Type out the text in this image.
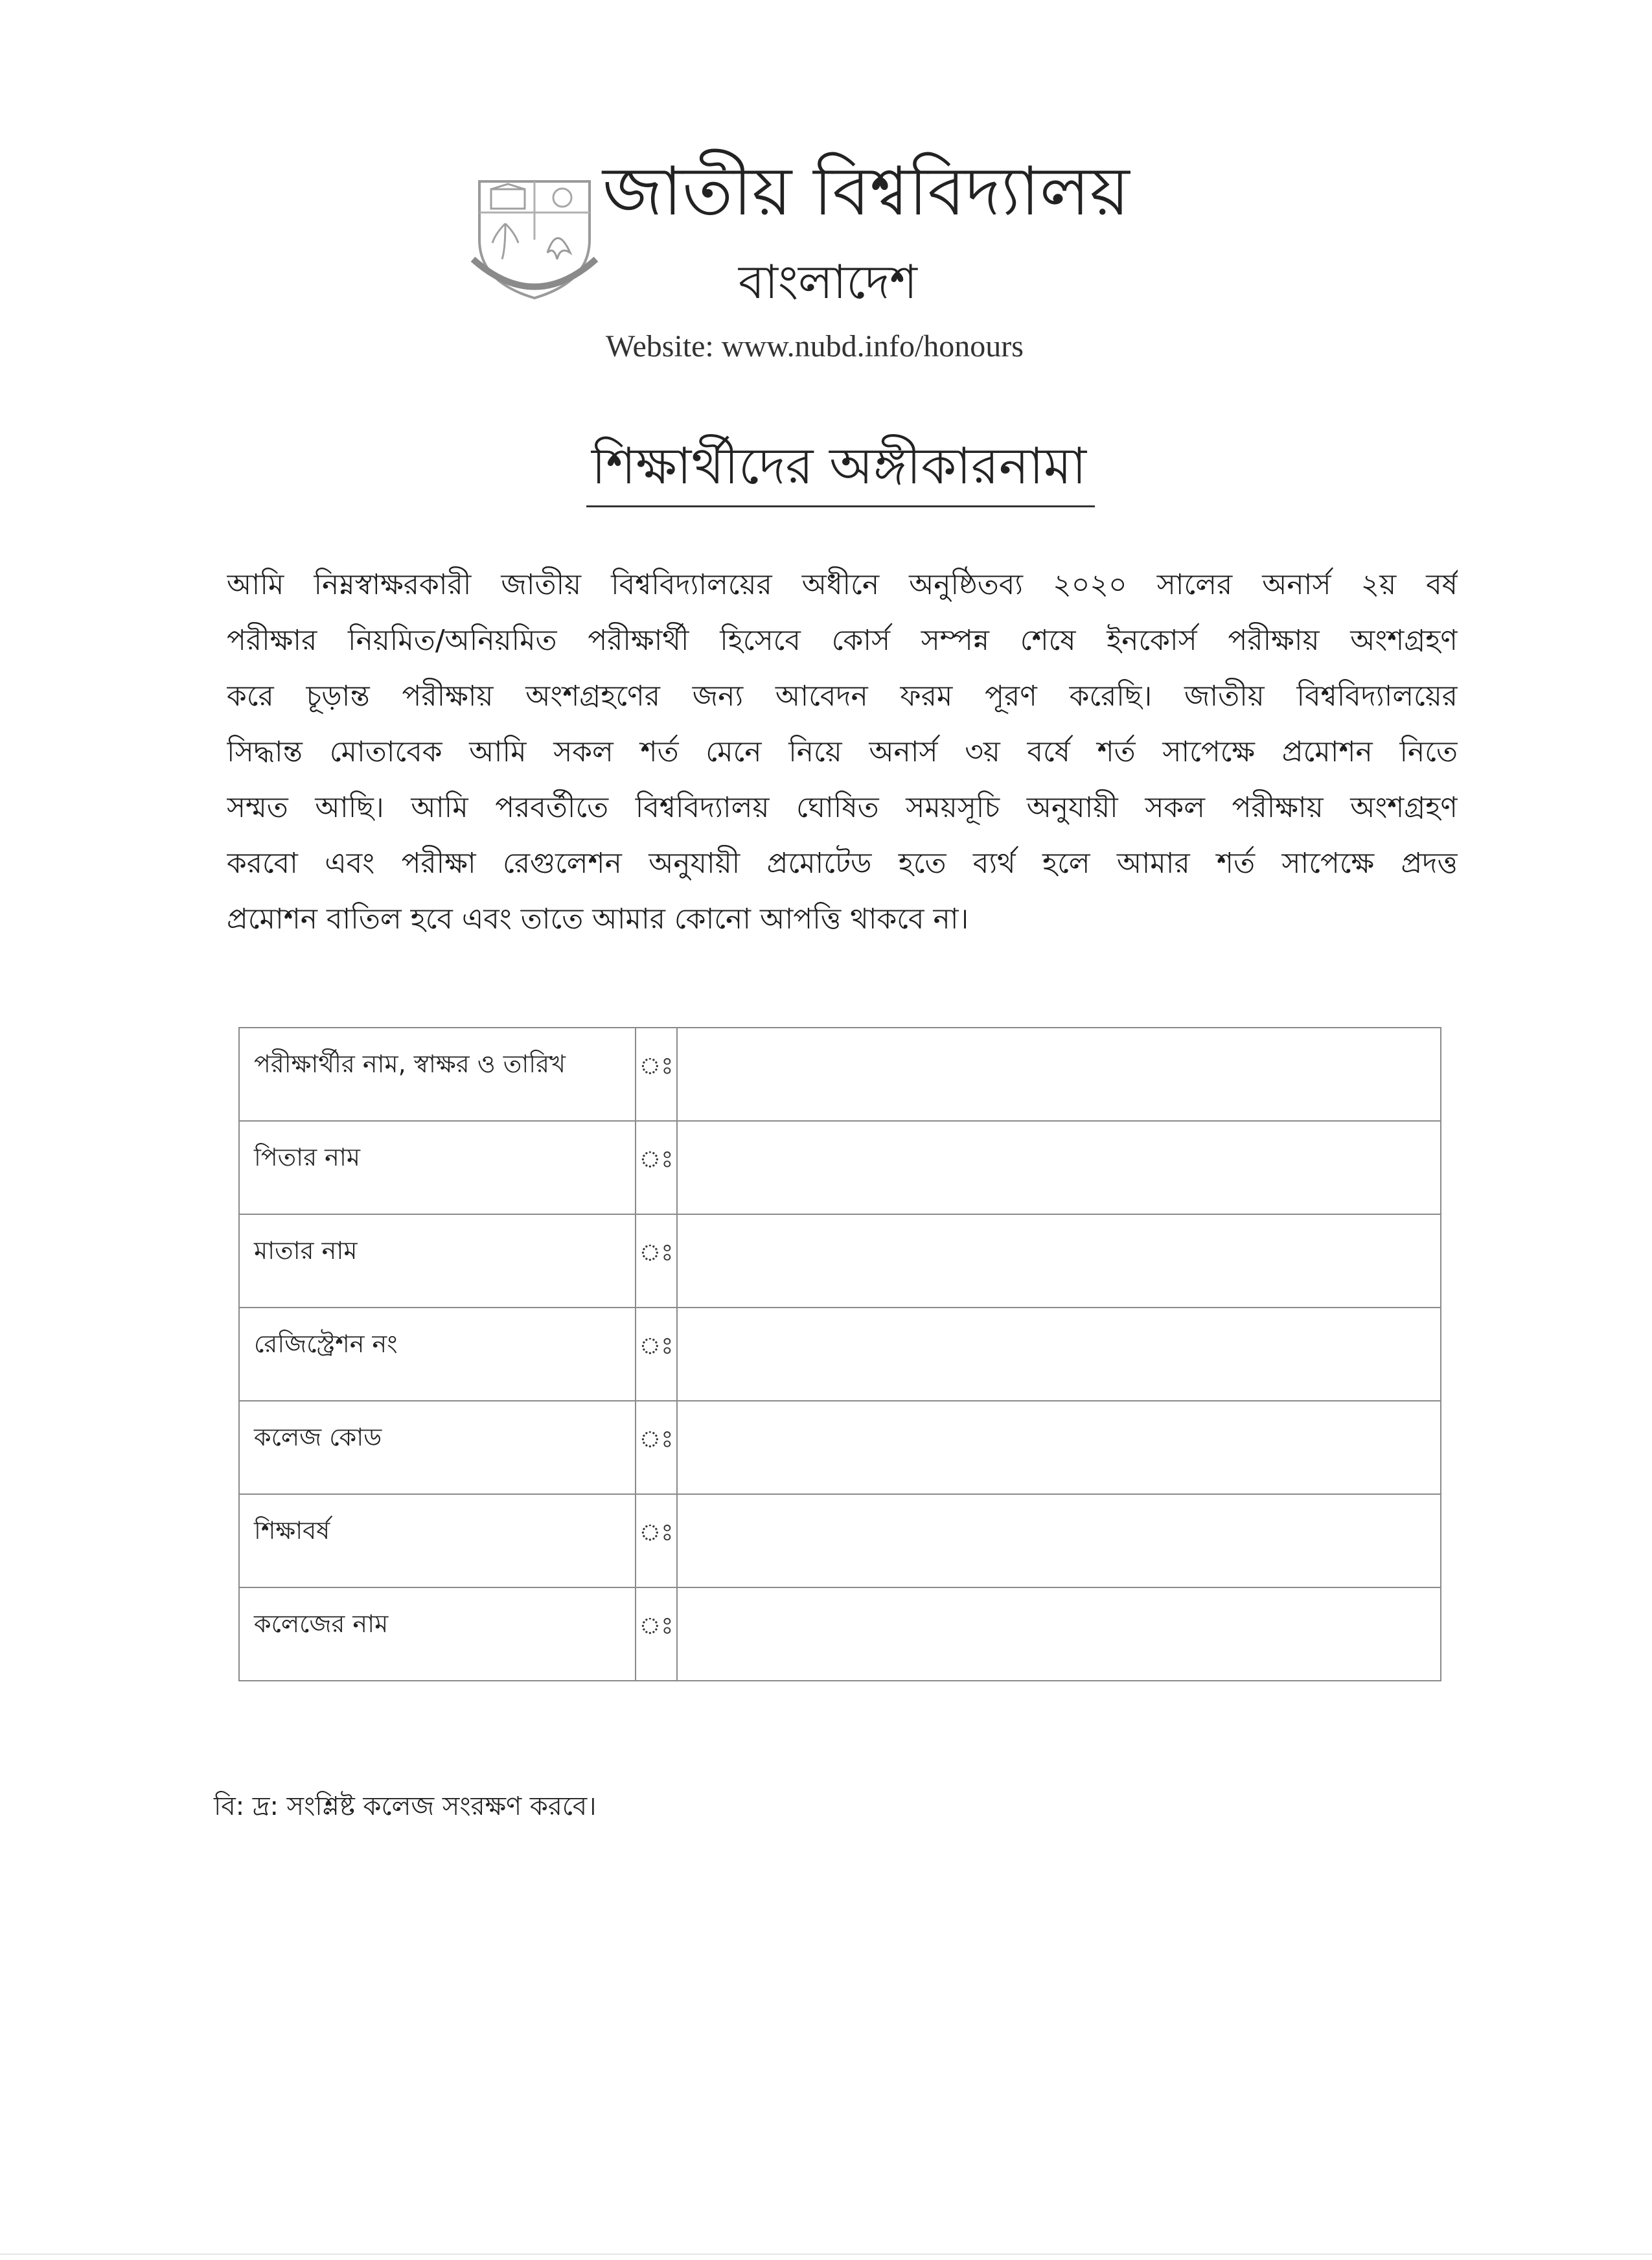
জাতীয় বিশ্ববিদ্যালয়
বাংলাদেশ
Website: www.nubd.info/honours
শিক্ষার্থীদের অঙ্গীকারনামা
আমি নিম্নস্বাক্ষরকারী জাতীয় বিশ্ববিদ্যালয়ের অধীনে অনুষ্ঠিতব্য ২০২০ সালের অনার্স ২য় বর্ষ
পরীক্ষার নিয়মিত/অনিয়মিত পরীক্ষার্থী হিসেবে কোর্স সম্পন্ন শেষে ইনকোর্স পরীক্ষায় অংশগ্রহণ
করে চূড়ান্ত পরীক্ষায় অংশগ্রহণের জন্য আবেদন ফরম পূরণ করেছি। জাতীয় বিশ্ববিদ্যালয়ের
সিদ্ধান্ত মোতাবেক আমি সকল শর্ত মেনে নিয়ে অনার্স ৩য় বর্ষে শর্ত সাপেক্ষে প্রমোশন নিতে
সম্মত আছি। আমি পরবর্তীতে বিশ্ববিদ্যালয় ঘোষিত সময়সূচি অনুযায়ী সকল পরীক্ষায় অংশগ্রহণ
করবো এবং পরীক্ষা রেগুলেশন অনুযায়ী প্রমোটেড হতে ব্যর্থ হলে আমার শর্ত সাপেক্ষে প্রদত্ত
প্রমোশন বাতিল হবে এবং তাতে আমার কোনো আপত্তি থাকবে না।
পরীক্ষার্থীর নাম, স্বাক্ষর ও তারিখ	ঃ	
পিতার নাম	ঃ	
মাতার নাম	ঃ	
রেজিস্ট্রেশন নং	ঃ	
কলেজ কোড	ঃ	
শিক্ষাবর্ষ	ঃ	
কলেজের নাম	ঃ	
বি: দ্র: সংশ্লিষ্ট কলেজ সংরক্ষণ করবে।
